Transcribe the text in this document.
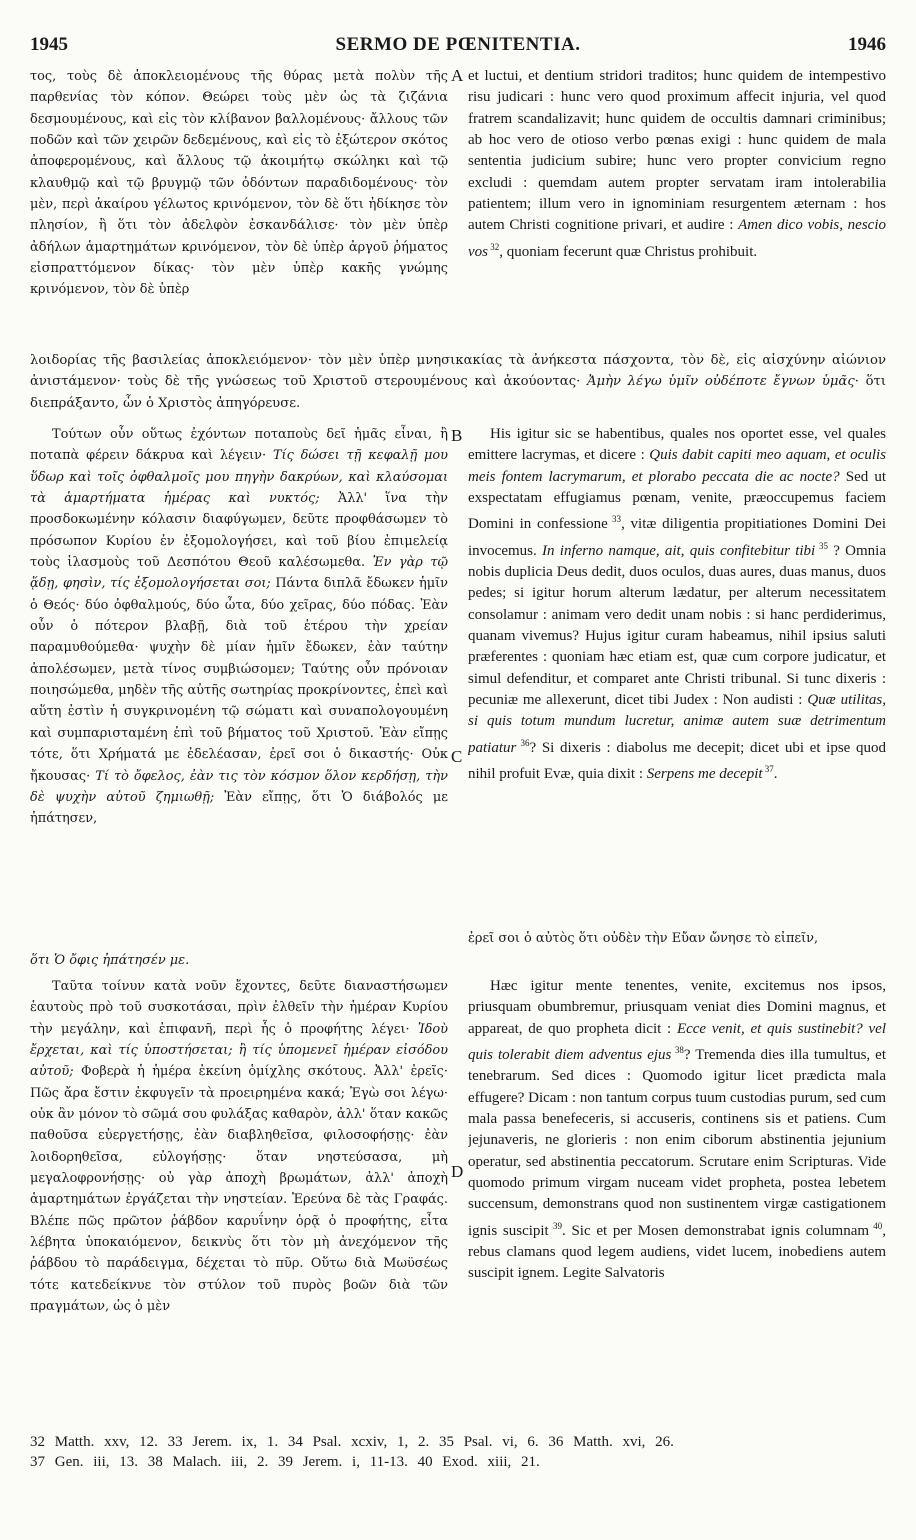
1945	SERMO DE PŒNITENTIA.	1946

τος, τοὺς δὲ ἀποκλειομένους τῆς θύρας μετὰ πολὺν τῆς παρθενίας τὸν κόπον. Θεώρει τοὺς μὲν ὡς τὰ ζιζάνια δεσμουμένους, καὶ εἰς τὸν κλίβανον βαλλομένους· ἄλλους τῶν ποδῶν καὶ τῶν χειρῶν δεδεμένους, καὶ εἰς τὸ ἐξώτερον σκότος ἀποφερομένους, καὶ ἄλλους τῷ ἀκοιμήτῳ σκώληκι καὶ τῷ κλαυθμῷ καὶ τῷ βρυγμῷ τῶν ὀδόντων παραδιδομένους· τὸν μὲν, περὶ ἀκαίρου γέλωτος κρινόμενον, τὸν δὲ ὅτι ἠδίκησε τὸν πλησίον, ἢ ὅτι τὸν ἀδελφὸν ἐσκανδάλισε· τὸν μὲν ὑπὲρ ἀδήλων ἁμαρτημάτων κρινόμενον, τὸν δὲ ὑπὲρ ἀργοῦ ῥήματος εἰσπραττόμενον δίκας· τὸν μὲν ὑπὲρ κακῆς γνώμης κρινόμενον, τὸν δὲ ὑπὲρ

A et luctui, et dentium stridori traditos; hunc quidem de intempestivo risu judicari : hunc vero quod proximum affecit injuria, vel quod fratrem scandalizavit; hunc quidem de occultis damnari criminibus; ab hoc vero de otioso verbo pœnas exigi : hunc quidem de mala sententia judicium subire; hunc vero propter convicium regno excludi : quemdam autem propter servatam iram intolerabilia patientem; illum vero in ignominiam resurgentem æternam : hos autem Christi cognitione privari, et audire : Amen dico vobis, nescio vos $^{32}$, quoniam fecerunt quæ Christus prohibuit.

λοιδορίας τῆς βασιλείας ἀποκλειόμενον· τὸν μὲν ὑπὲρ μνησικακίας τὰ ἀνήκεστα πάσχοντα, τὸν δὲ, εἰς αἰσχύνην αἰώνιον ἀνιστάμενον· τοὺς δὲ τῆς γνώσεως τοῦ Χριστοῦ στερουμένους καὶ ἀκούοντας· Ἀμὴν λέγω ὑμῖν οὐδέποτε ἔγνων ὑμᾶς· ὅτι διεπράξαντο, ὧν ὁ Χριστὸς ἀπηγόρευσε.

Τούτων οὖν οὕτως ἐχόντων ποταποὺς δεῖ ἡμᾶς εἶναι, ἢ ποταπὰ φέρειν δάκρυα καὶ λέγειν· Τίς δώσει τῇ κεφαλῇ μου ὕδωρ καὶ τοῖς ὀφθαλμοῖς μου πηγὴν δακρύων, καὶ κλαύσομαι τὰ ἁμαρτήματα ἡμέρας καὶ νυκτός; Ἀλλ' ἵνα τὴν προσδοκωμένην κόλασιν διαφύγωμεν, δεῦτε προφθάσωμεν τὸ πρόσωπον Κυρίου ἐν ἐξομολογήσει, καὶ τοῦ βίου ἐπιμελείᾳ τοὺς ἱλασμοὺς τοῦ Δεσπότου Θεοῦ καλέσωμεθα. Ἐν γὰρ τῷ ᾅδῃ, φησὶν, τίς ἐξομολογήσεται σοι; Πάντα διπλᾶ ἔδωκεν ἡμῖν ὁ Θεός· δύο ὀφθαλμούς, δύο ὦτα, δύο χεῖρας, δύο πόδας. Ἐὰν οὖν ὁ πότερον βλαβῇ, διὰ τοῦ ἑτέρου τὴν χρείαν παραμυθούμεθα· ψυχὴν δὲ μίαν ἡμῖν ἔδωκεν, ἐὰν ταύτην ἀπολέσωμεν, μετὰ τίνος συμβιώσομεν; Ταύτης οὖν πρόνοιαν ποιησώμεθα, μηδὲν τῆς αὐτῆς σωτηρίας προκρίνοντες, ἐπεὶ καὶ αὕτη ἐστὶν ἡ συγκρινομένη τῷ σώματι καὶ συναπολογουμένη καὶ συμπαρισταμένη ἐπὶ τοῦ βήματος τοῦ Χριστοῦ. Ἐὰν εἴπῃς τότε, ὅτι Χρήματά με ἐδελέασαν, ἐρεῖ σοι ὁ δικαστής· Οὐκ ἤκουσας· Τί τὸ ὄφελος, ἐὰν τις τὸν κόσμον ὅλον κερδήσῃ, τὴν δὲ ψυχὴν αὐτοῦ ζημιωθῇ; Ἐὰν εἴπῃς, ὅτι Ὁ διάβολός με ἠπάτησεν,

B
C

His igitur sic se habentibus, quales nos oportet esse, vel quales emittere lacrymas, et dicere : Quis dabit capiti meo aquam, et oculis meis fontem lacrymarum, et plorabo peccata die ac nocte? Sed ut exspectatam effugiamus pœnam, venite, præoccupemus faciem Domini in confessione $^{33}$, vitæ diligentia propitiationes Domini Dei invocemus. In inferno namque, ait, quis confitebitur tibi $^{35}$ ? Omnia nobis duplicia Deus dedit, duos oculos, duas aures, duas manus, duos pedes; si igitur horum alterum lædatur, per alterum necessitatem consolamur : animam vero dedit unam nobis : si hanc perdiderimus, quanam vivemus? Hujus igitur curam habeamus, nihil ipsius saluti præferentes : quoniam hæc etiam est, quæ cum corpore judicatur, et simul defenditur, et comparet ante Christi tribunal. Si tunc dixeris : pecuniæ me allexerunt, dicet tibi Judex : Non audisti : Quæ utilitas, si quis totum mundum lucretur, animæ autem suæ detrimentum patiatur $^{36}$? Si dixeris : diabolus me decepit; dicet ubi et ipse quod nihil profuit Evæ, quia dixit : Serpens me decepit $^{37}$.

ἐρεῖ σοι ὁ αὐτὸς ὅτι οὐδὲν τὴν Εὔαν ὤνησε τὸ εἰπεῖν,
ὅτι Ὁ ὄφις ἠπάτησέν με.

Ταῦτα τοίνυν κατὰ νοῦν ἔχοντες, δεῦτε διαναστήσωμεν ἑαυτοὺς πρὸ τοῦ συσκοτάσαι, πρὶν ἐλθεῖν τὴν ἡμέραν Κυρίου τὴν μεγάλην, καὶ ἐπιφανῆ, περὶ ἧς ὁ προφήτης λέγει· Ἰδοὺ ἔρχεται, καὶ τίς ὑποστήσεται; ἢ τίς ὑπομενεῖ ἡμέραν εἰσόδου αὐτοῦ; Φοβερὰ ἡ ἡμέρα ἐκείνη ὁμίχλης σκότους. Ἀλλ' ἐρεῖς· Πῶς ἄρα ἔστιν ἐκφυγεῖν τὰ προειρημένα κακά; Ἐγὼ σοι λέγω· οὐκ ἂν μόνον τὸ σῶμά σου φυλάξας καθαρὸν, ἀλλ' ὅταν κακῶς παθοῦσα εὐεργετήσῃς, ἐὰν διαβληθεῖσα, φιλοσοφήσῃς· ἐὰν λοιδορηθεῖσα, εὐλογήσῃς· ὅταν νηστεύσασα, μὴ μεγαλοφρονήσῃς· οὐ γὰρ ἀποχὴ βρωμάτων, ἀλλ' ἀποχὴ ἁμαρτημάτων ἐργάζεται τὴν νηστείαν. Ἐρεύνα δὲ τὰς Γραφάς. Βλέπε πῶς πρῶτον ῥάβδον καρυΐνην ὁρᾷ ὁ προφήτης, εἶτα λέβητα ὑποκαιόμενον, δεικνὺς ὅτι τὸν μὴ ἀνεχόμενον τῆς ῥάβδου τὸ παράδειγμα, δέχεται τὸ πῦρ. Οὕτω διὰ Μωϋσέως τότε κατεδείκνυε τὸν στύλον τοῦ πυρὸς βοῶν διὰ τῶν πραγμάτων, ὡς ὁ μὲν

D

Hæc igitur mente tenentes, venite, excitemus nos ipsos, priusquam obumbremur, priusquam veniat dies Domini magnus, et appareat, de quo propheta dicit : Ecce venit, et quis sustinebit? vel quis tolerabit diem adventus ejus $^{38}$? Tremenda dies illa tumultus, et tenebrarum. Sed dices : Quomodo igitur licet prædicta mala effugere? Dicam : non tantum corpus tuum custodias purum, sed cum mala passa benefeceris, si accuseris, continens sis et patiens. Cum jejunaveris, ne glorieris : non enim ciborum abstinentia jejunium operatur, sed abstinentia peccatorum. Scrutare enim Scripturas. Vide quomodo primum virgam nuceam videt propheta, postea lebetem succensum, demonstrans quod non sustinentem virgæ castigationem ignis suscipit $^{39}$. Sic et per Mosen demonstrabat ignis columnam $^{40}$, rebus clamans quod legem audiens, videt lucem, inobediens autem suscipit ignem. Legite Salvatoris

32 Matth. xxv, 12. 33 Jerem. ix, 1. 34 Psal. xcxiv, 1, 2. 35 Psal. vi, 6. 36 Matth. xvi, 26.
37 Gen. iii, 13. 38 Malach. iii, 2. 39 Jerem. i, 11-13. 40 Exod. xiii, 21.
